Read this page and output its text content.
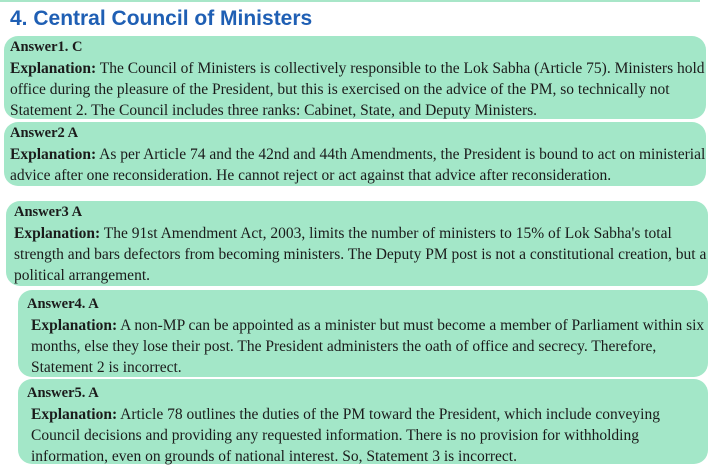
4. Central Council of Ministers
Answer1. C
Explanation: The Council of Ministers is collectively responsible to the Lok Sabha (Article 75). Ministers hold office during the pleasure of the President, but this is exercised on the advice of the PM, so technically not Statement 2. The Council includes three ranks: Cabinet, State, and Deputy Ministers.
Answer2 A
Explanation: As per Article 74 and the 42nd and 44th Amendments, the President is bound to act on ministerial advice after one reconsideration. He cannot reject or act against that advice after reconsideration.
Answer3 A
Explanation: The 91st Amendment Act, 2003, limits the number of ministers to 15% of Lok Sabha's total strength and bars defectors from becoming ministers. The Deputy PM post is not a constitutional creation, but a political arrangement.
Answer4. A
Explanation: A non-MP can be appointed as a minister but must become a member of Parliament within six months, else they lose their post. The President administers the oath of office and secrecy. Therefore, Statement 2 is incorrect.
Answer5. A
Explanation: Article 78 outlines the duties of the PM toward the President, which include conveying Council decisions and providing any requested information. There is no provision for withholding information, even on grounds of national interest. So, Statement 3 is incorrect.
